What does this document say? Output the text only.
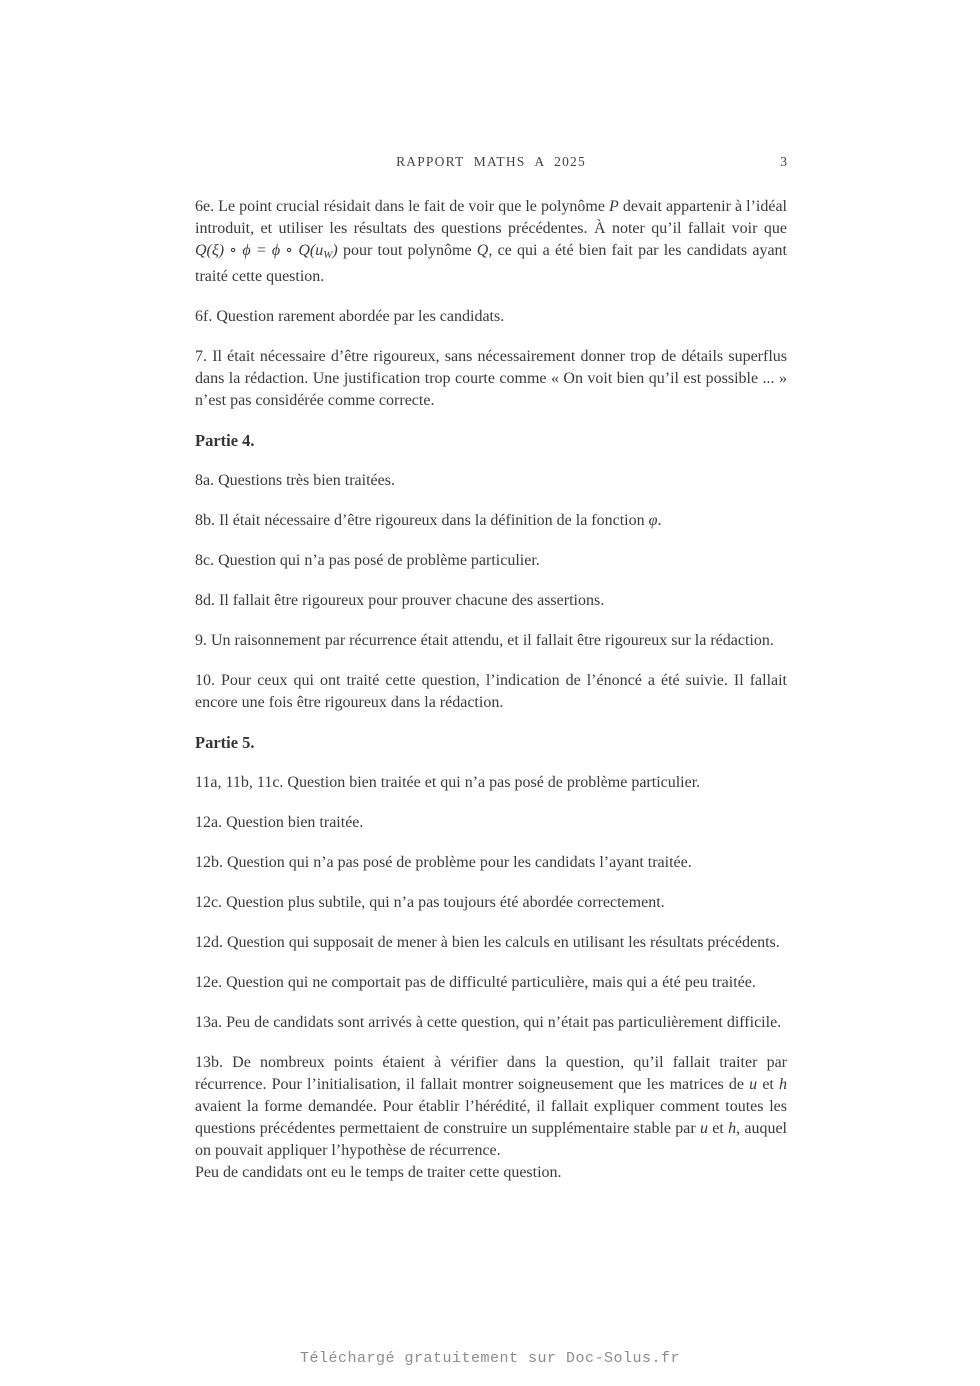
RAPPORT MATHS A 2025	3

6e. Le point crucial résidait dans le fait de voir que le polynôme P devait appartenir à l’idéal introduit, et utiliser les résultats des questions précédentes. À noter qu’il fallait voir que Q(ξ) ∘ ϕ = ϕ ∘ Q(uW) pour tout polynôme Q, ce qui a été bien fait par les candidats ayant traité cette question.

6f. Question rarement abordée par les candidats.

7. Il était nécessaire d’être rigoureux, sans nécessairement donner trop de détails superflus dans la rédaction. Une justification trop courte comme « On voit bien qu’il est possible ... » n’est pas considérée comme correcte.

Partie 4.

8a. Questions très bien traitées.

8b. Il était nécessaire d’être rigoureux dans la définition de la fonction φ.

8c. Question qui n’a pas posé de problème particulier.

8d. Il fallait être rigoureux pour prouver chacune des assertions.

9. Un raisonnement par récurrence était attendu, et il fallait être rigoureux sur la rédaction.

10. Pour ceux qui ont traité cette question, l’indication de l’énoncé a été suivie. Il fallait encore une fois être rigoureux dans la rédaction.

Partie 5.

11a, 11b, 11c. Question bien traitée et qui n’a pas posé de problème particulier.

12a. Question bien traitée.

12b. Question qui n’a pas posé de problème pour les candidats l’ayant traitée.

12c. Question plus subtile, qui n’a pas toujours été abordée correctement.

12d. Question qui supposait de mener à bien les calculs en utilisant les résultats précédents.

12e. Question qui ne comportait pas de difficulté particulière, mais qui a été peu traitée.

13a. Peu de candidats sont arrivés à cette question, qui n’était pas particulièrement difficile.

13b. De nombreux points étaient à vérifier dans la question, qu’il fallait traiter par récurrence. Pour l’initialisation, il fallait montrer soigneusement que les matrices de u et h avaient la forme demandée. Pour établir l’hérédité, il fallait expliquer comment toutes les questions précédentes permettaient de construire un supplémentaire stable par u et h, auquel on pouvait appliquer l’hypothèse de récurrence.
Peu de candidats ont eu le temps de traiter cette question.

Téléchargé gratuitement sur Doc-Solus.fr
